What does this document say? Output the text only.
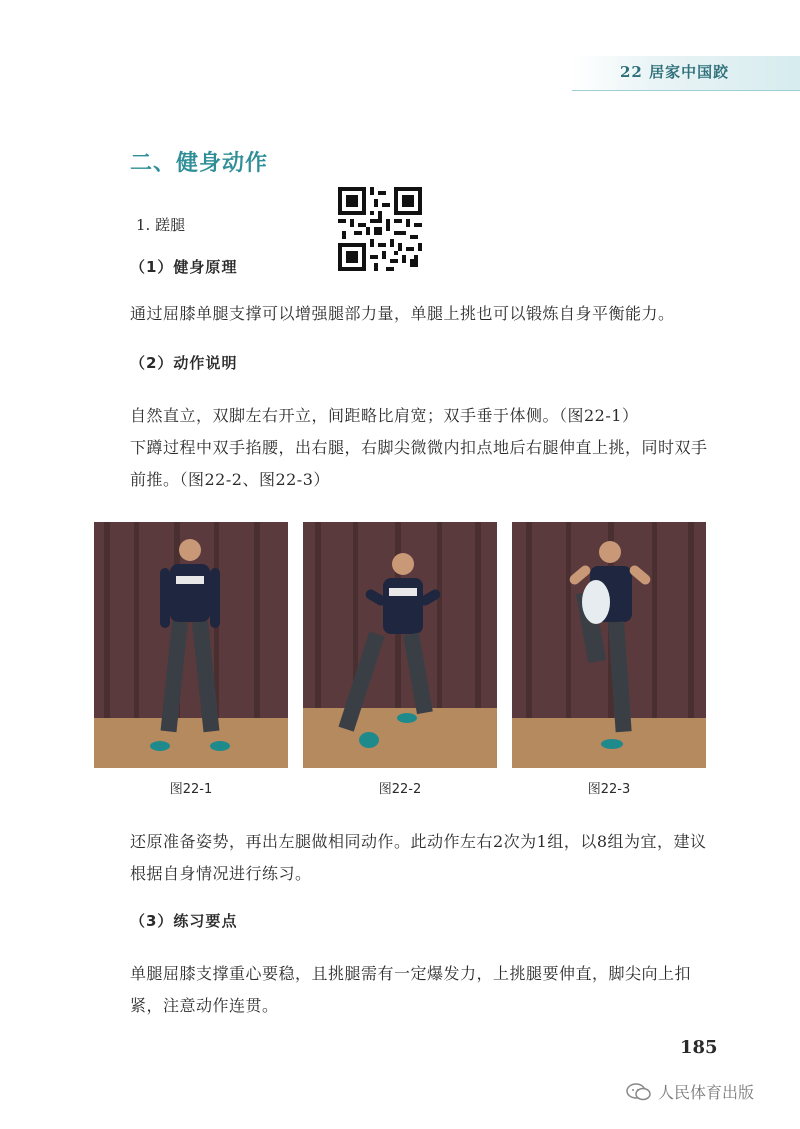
22 居家中国跤
二、健身动作
1. 蹉腿
（1）健身原理
通过屈膝单腿支撑可以增强腿部力量，单腿上挑也可以锻炼自身平衡能力。
（2）动作说明
自然直立，双脚左右开立，间距略比肩宽；双手垂于体侧。（图22-1）
下蹲过程中双手掐腰，出右腿，右脚尖微微内扣点地后右腿伸直上挑，同时双手前推。（图22-2、图22-3）
图22-1	图22-2	图22-3
还原准备姿势，再出左腿做相同动作。此动作左右2次为1组，以8组为宜，建议根据自身情况进行练习。
（3）练习要点
单腿屈膝支撑重心要稳，且挑腿需有一定爆发力，上挑腿要伸直，脚尖向上扣紧，注意动作连贯。
185
人民体育出版
